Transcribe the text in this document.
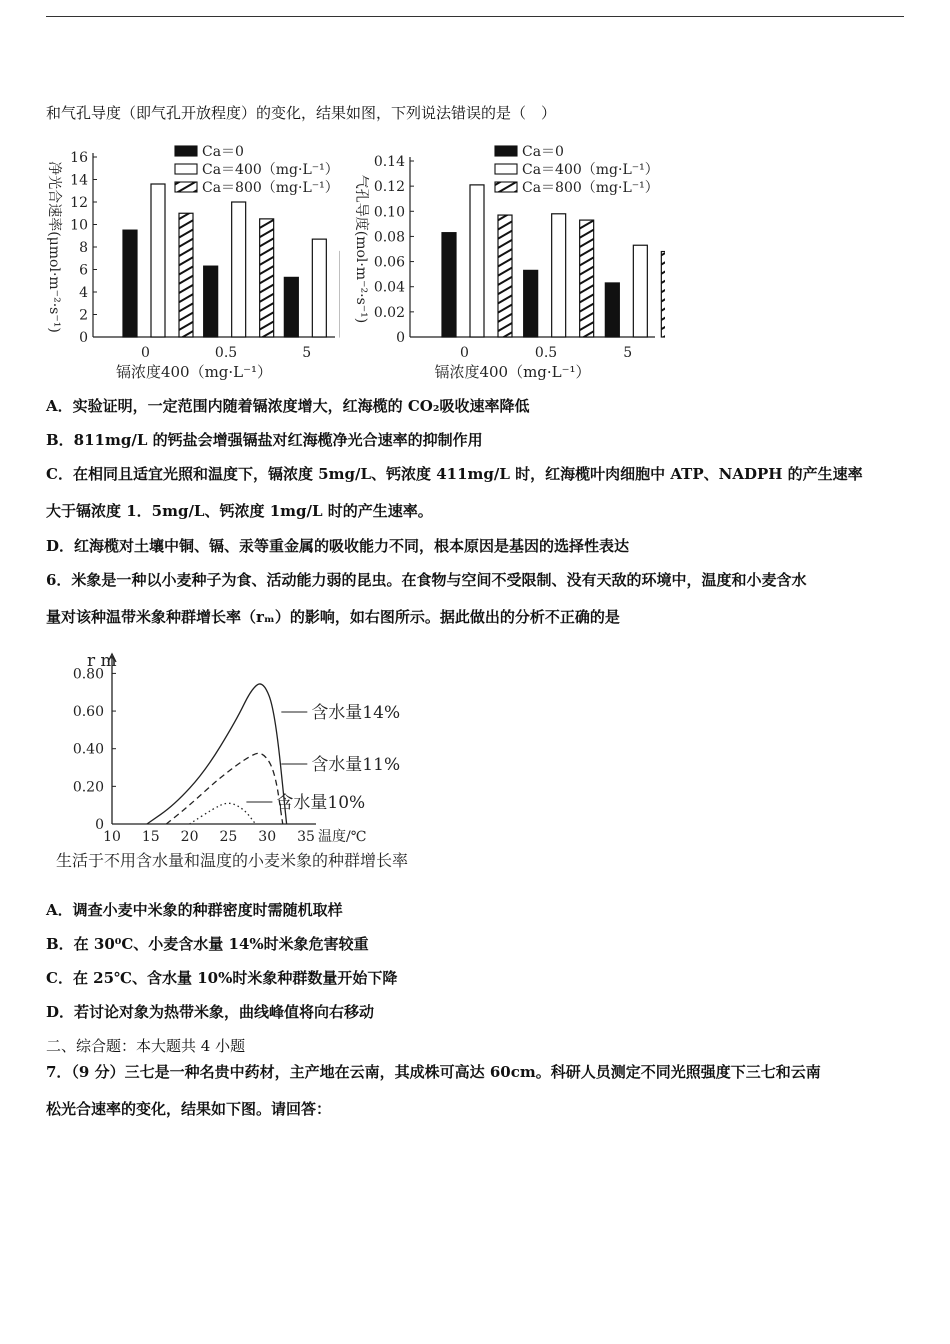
和气孔导度（即气孔开放程度）的变化，结果如图，下列说法错误的是（　）
0
2
4
6
8
10
12
14
16
净光合速率(μmol·m⁻²·s⁻¹)
0	0.5	5
镉浓度400（mg·L⁻¹）
Ca＝0
Ca＝400（mg·L⁻¹）
Ca＝800（mg·L⁻¹）
0
0.02
0.04
0.06
0.08
0.10
0.12
0.14
气孔导度(mol·m⁻²·s⁻¹)
0	0.5	5
镉浓度400（mg·L⁻¹）
Ca＝0
Ca＝400（mg·L⁻¹）
Ca＝800（mg·L⁻¹）
A．实验证明，一定范围内随着镉浓度增大，红海榄的 CO₂吸收速率降低
B．811mg/L 的钙盐会增强镉盐对红海榄净光合速率的抑制作用
C．在相同且适宜光照和温度下，镉浓度 5mg/L、钙浓度 411mg/L 时，红海榄叶肉细胞中 ATP、NADPH 的产生速率
大于镉浓度 1．5mg/L、钙浓度 1mg/L 时的产生速率。
D．红海榄对土壤中铜、镉、汞等重金属的吸收能力不同，根本原因是基因的选择性表达
6．米象是一种以小麦种子为食、活动能力弱的昆虫。在食物与空间不受限制、没有天敌的环境中，温度和小麦含水
量对该种温带米象种群增长率（rₘ）的影响，如右图所示。据此做出的分析不正确的是
r m
0
0.20
0.40
0.60
0.80
10 15 20 25 30 35 温度/℃
含水量14%
含水量11%
含水量10%
生活于不用含水量和温度的小麦米象的种群增长率
A．调查小麦中米象的种群密度时需随机取样
B．在 30⁰C、小麦含水量 14%时米象危害较重
C．在 25℃、含水量 10%时米象种群数量开始下降
D．若讨论对象为热带米象，曲线峰值将向右移动
二、综合题：本大题共 4 小题
7．（9 分）三七是一种名贵中药材，主产地在云南，其成株可高达 60cm。科研人员测定不同光照强度下三七和云南
松光合速率的变化，结果如下图。请回答：
